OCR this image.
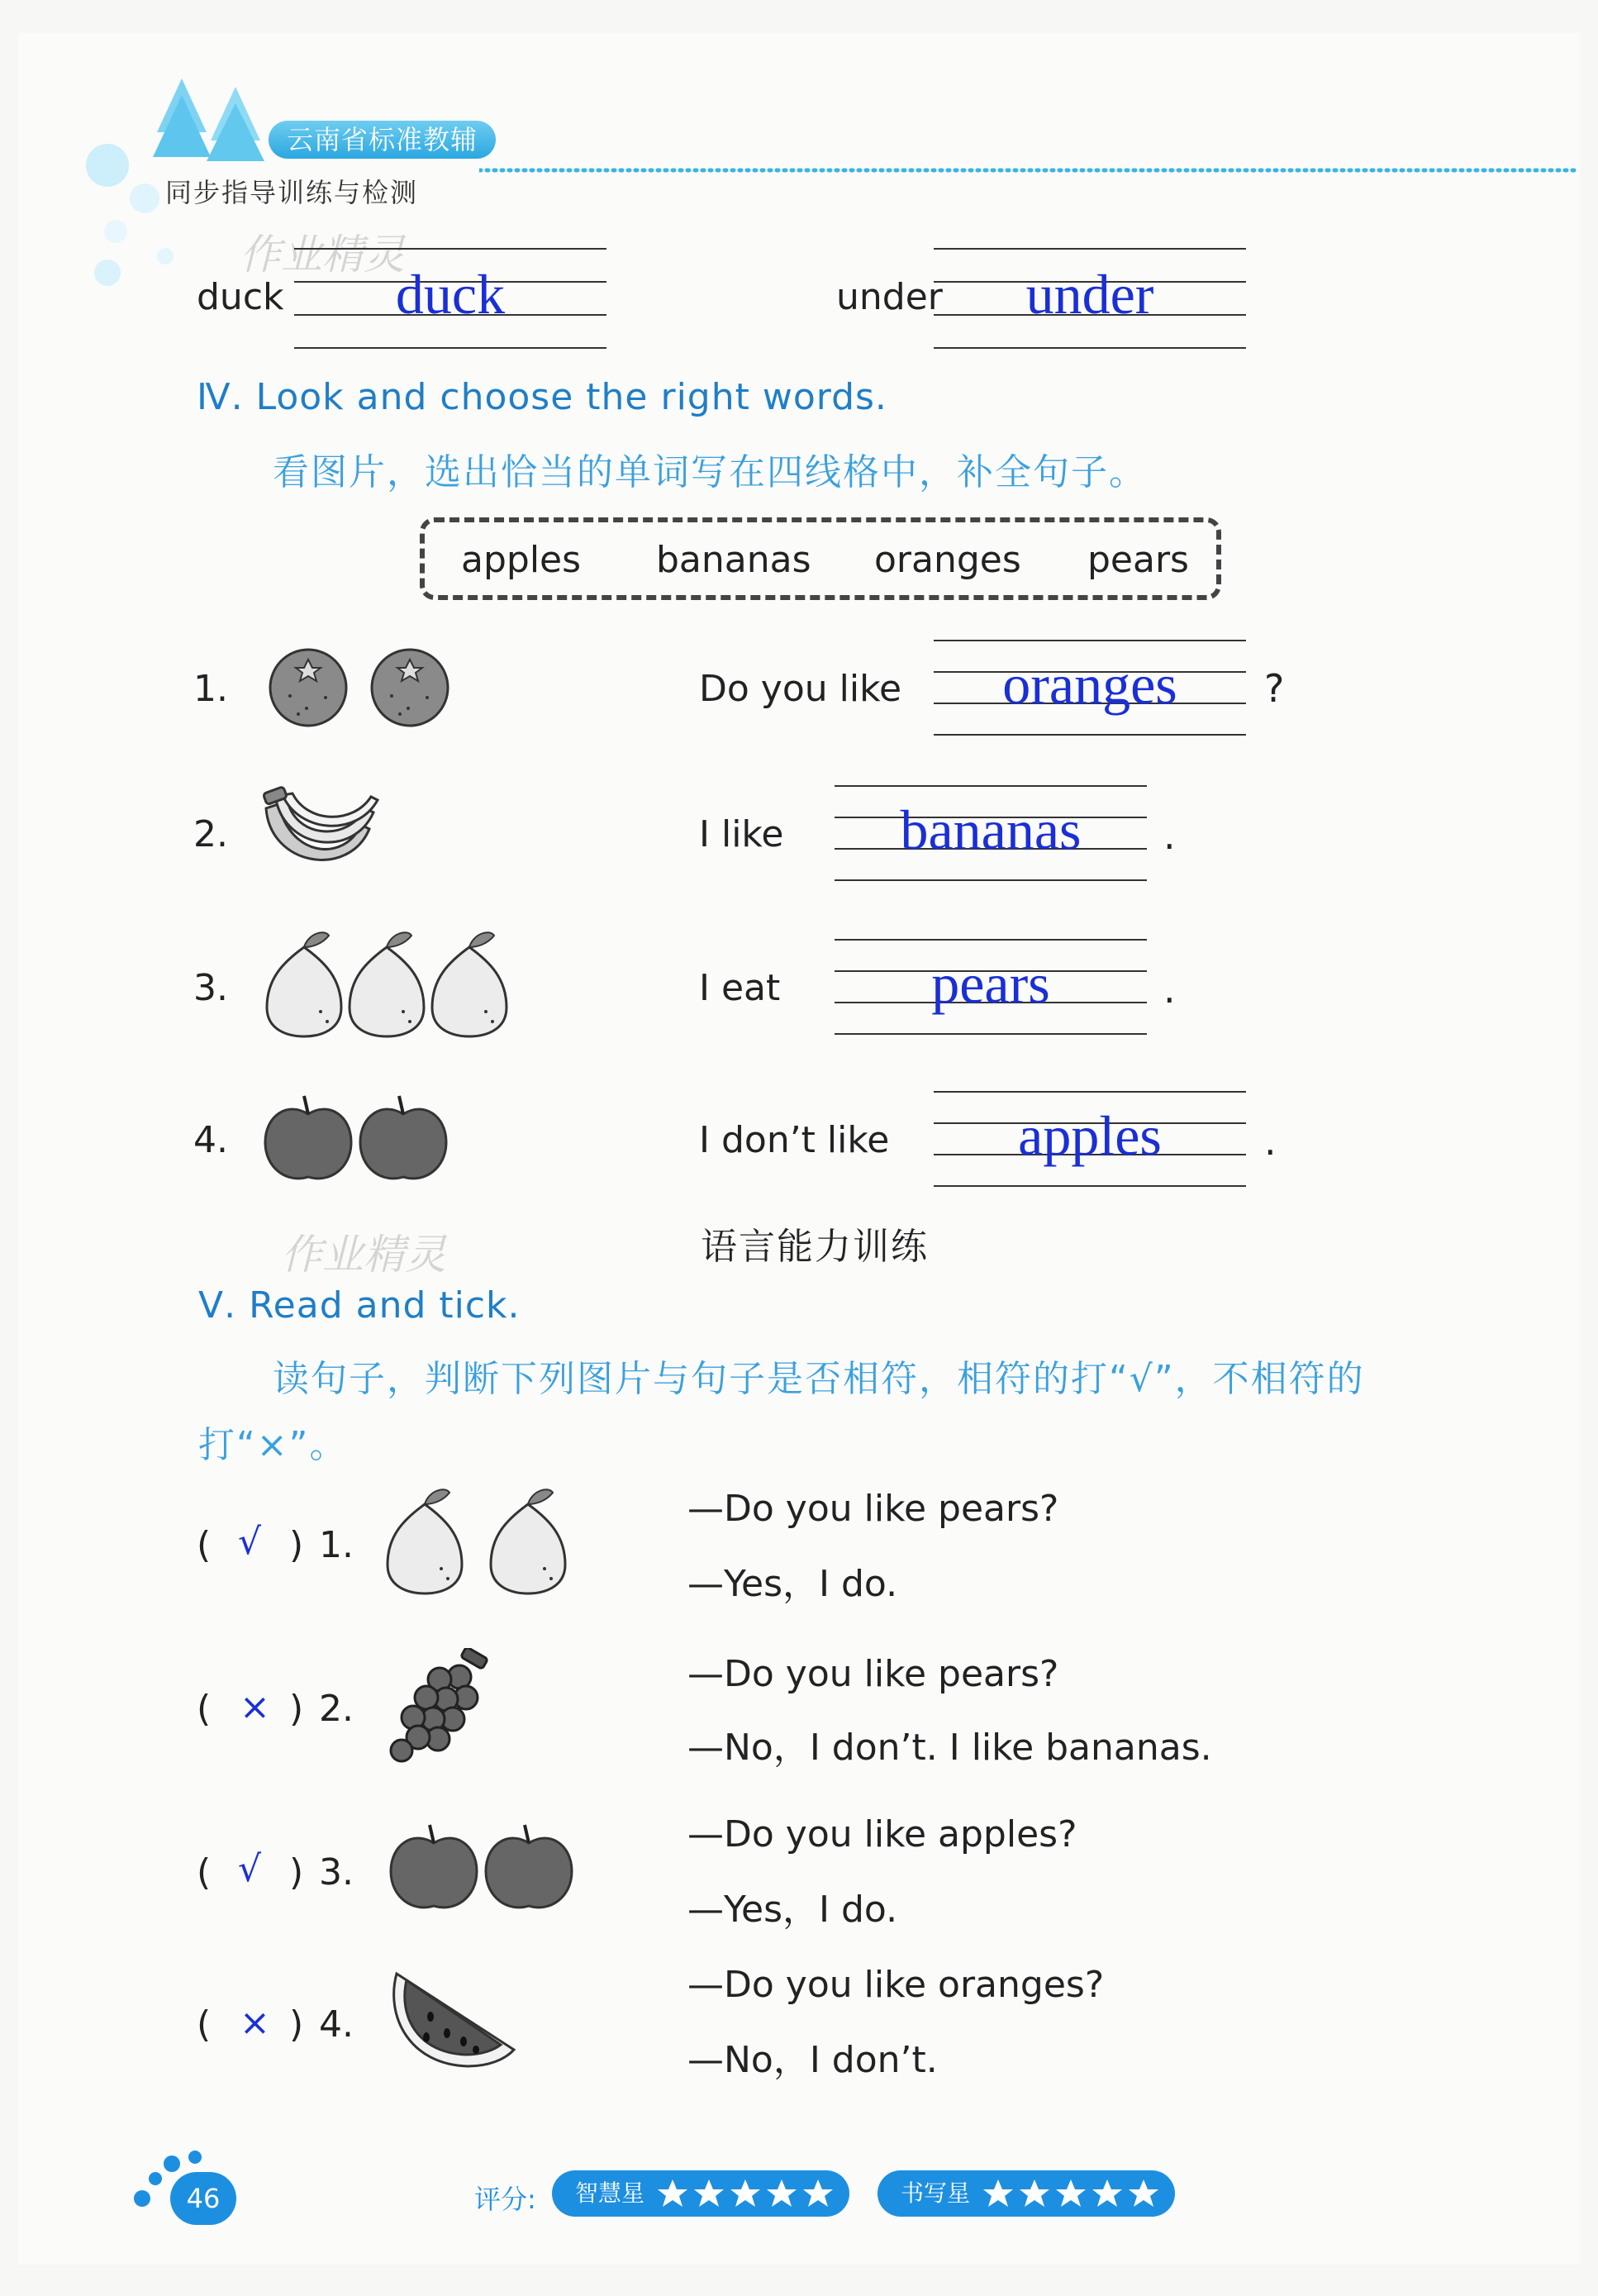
云南省标准教辅
同步指导训练与检测
作业精灵
duck	duck	under	under
Ⅳ. Look and choose the right words.
看图片，选出恰当的单词写在四线格中，补全句子。
apples bananas oranges pears
1.	Do you like	oranges	?
2.	I like	bananas	.
3.	I eat	pears	.
4.	I don’t like	apples	.
作业精灵	语言能力训练
Ⅴ. Read and tick.
读句子，判断下列图片与句子是否相符，相符的打“√”，不相符的
打“×”。
( √ ) 1.
—Do you like pears?
—Yes，I do.
( × ) 2.
—Do you like pears?
—No，I don’t. I like bananas.
( √ ) 3.
—Do you like apples?
—Yes，I do.
( × ) 4.
—Do you like oranges?
—No，I don’t.
46	评分:	智慧星	书写星
